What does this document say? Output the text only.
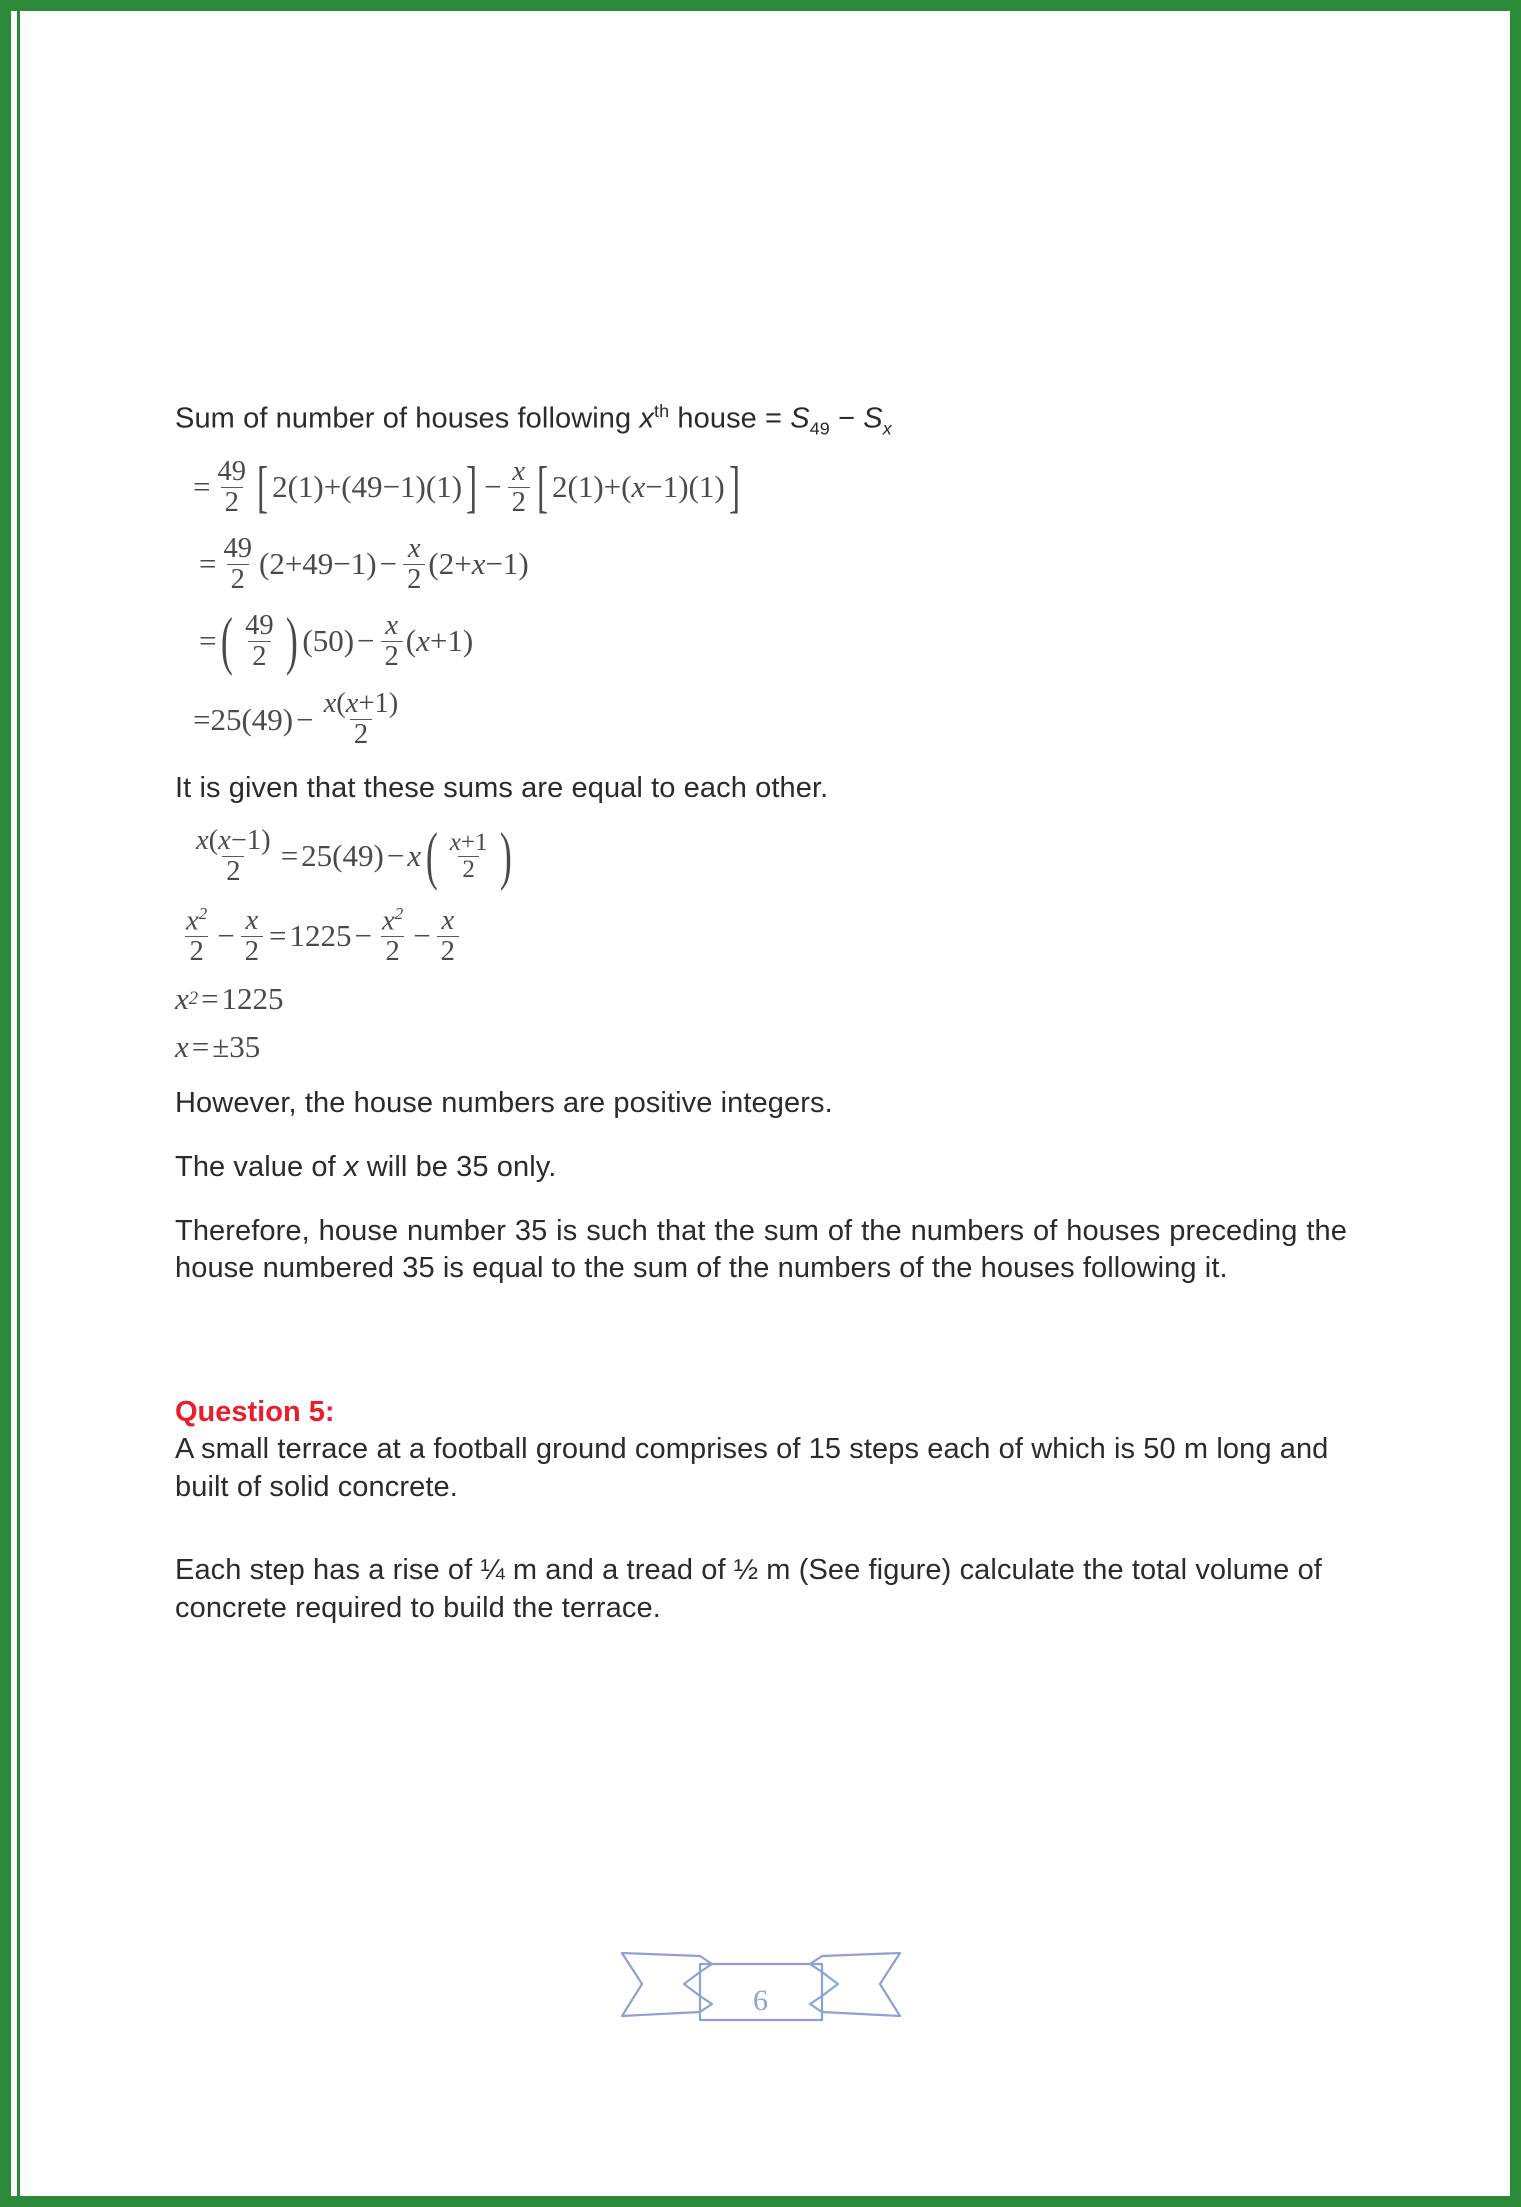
Sum of number of houses following $x^{th}$ house = $S_{49} - S_x$

= $\frac{49}{2}$ [ 2(1)+(49 − 1)(1) ] − $\frac{x}{2}$ [ 2(1)+( x −1)(1) ]
= $\frac{49}{2} (2+49-1) - \frac{x}{2} (2+ x -1)$
= ( $\frac{49}{2}$ ) $(50) - \frac{x}{2}$ ( x +1)
= $25(49) - \frac{x(x+1)}{2}$

It is given that these sums are equal to each other.

$\frac{x(x-1)}{2} = 25(49) - x$ ( $\frac{x+1}{2}$ )
$\frac{x^2}{2} - \frac{x}{2} = 1225 - \frac{x^2}{2} - \frac{x}{2}$
x 2 = 1225
x = ±35

However, the house numbers are positive integers.

The value of x will be 35 only.

Therefore, house number 35 is such that the sum of the numbers of houses preceding the house numbered 35 is equal to the sum of the numbers of the houses following it.

Question 5:

A small terrace at a football ground comprises of 15 steps each of which is 50 m long and built of solid concrete.

Each step has a rise of ¼ m and a tread of ½ m (See figure) calculate the total volume of concrete required to build the terrace.

6
